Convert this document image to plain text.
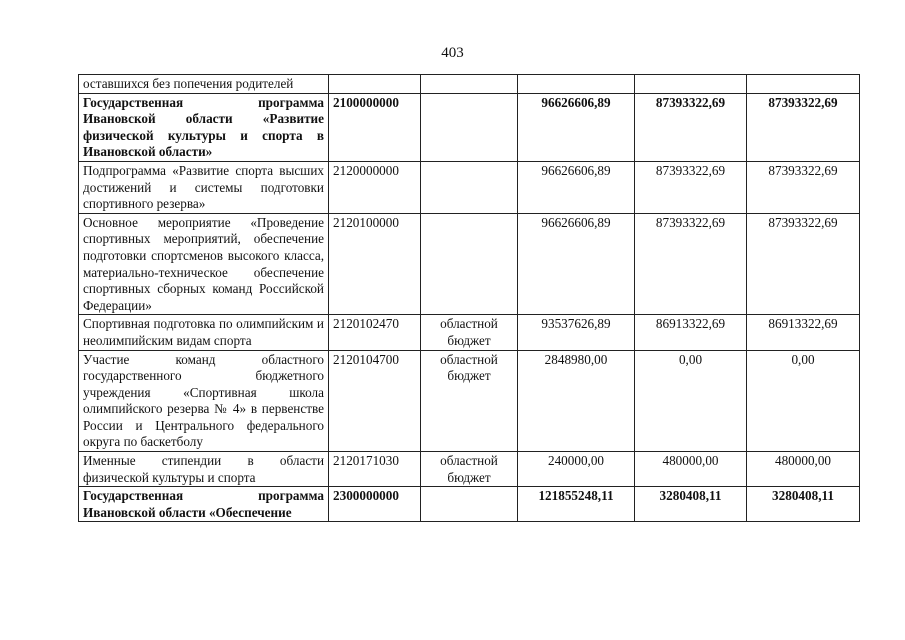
403
оставшихся без попечения родителей					
Государственная программа Ивановской области «Развитие физической культуры и спорта в Ивановской области»	2100000000		96626606,89	87393322,69	87393322,69
Подпрограмма «Развитие спорта высших достижений и системы подготовки спортивного резерва»	2120000000		96626606,89	87393322,69	87393322,69
Основное мероприятие «Проведение спортивных мероприятий, обеспечение подготовки спортсменов высокого класса, материально-техническое обеспечение спортивных сборных команд Российской Федерации»	2120100000		96626606,89	87393322,69	87393322,69
Спортивная подготовка по олимпийским и неолимпийским видам спорта	2120102470	областной бюджет	93537626,89	86913322,69	86913322,69
Участие команд областного государственного бюджетного учреждения «Спортивная школа олимпийского резерва № 4» в первенстве России и Центрального федерального округа по баскетболу	2120104700	областной бюджет	2848980,00	0,00	0,00
Именные стипендии в области физической культуры и спорта	2120171030	областной бюджет	240000,00	480000,00	480000,00
Государственная программа Ивановской области «Обеспечение	2300000000		121855248,11	3280408,11	3280408,11
